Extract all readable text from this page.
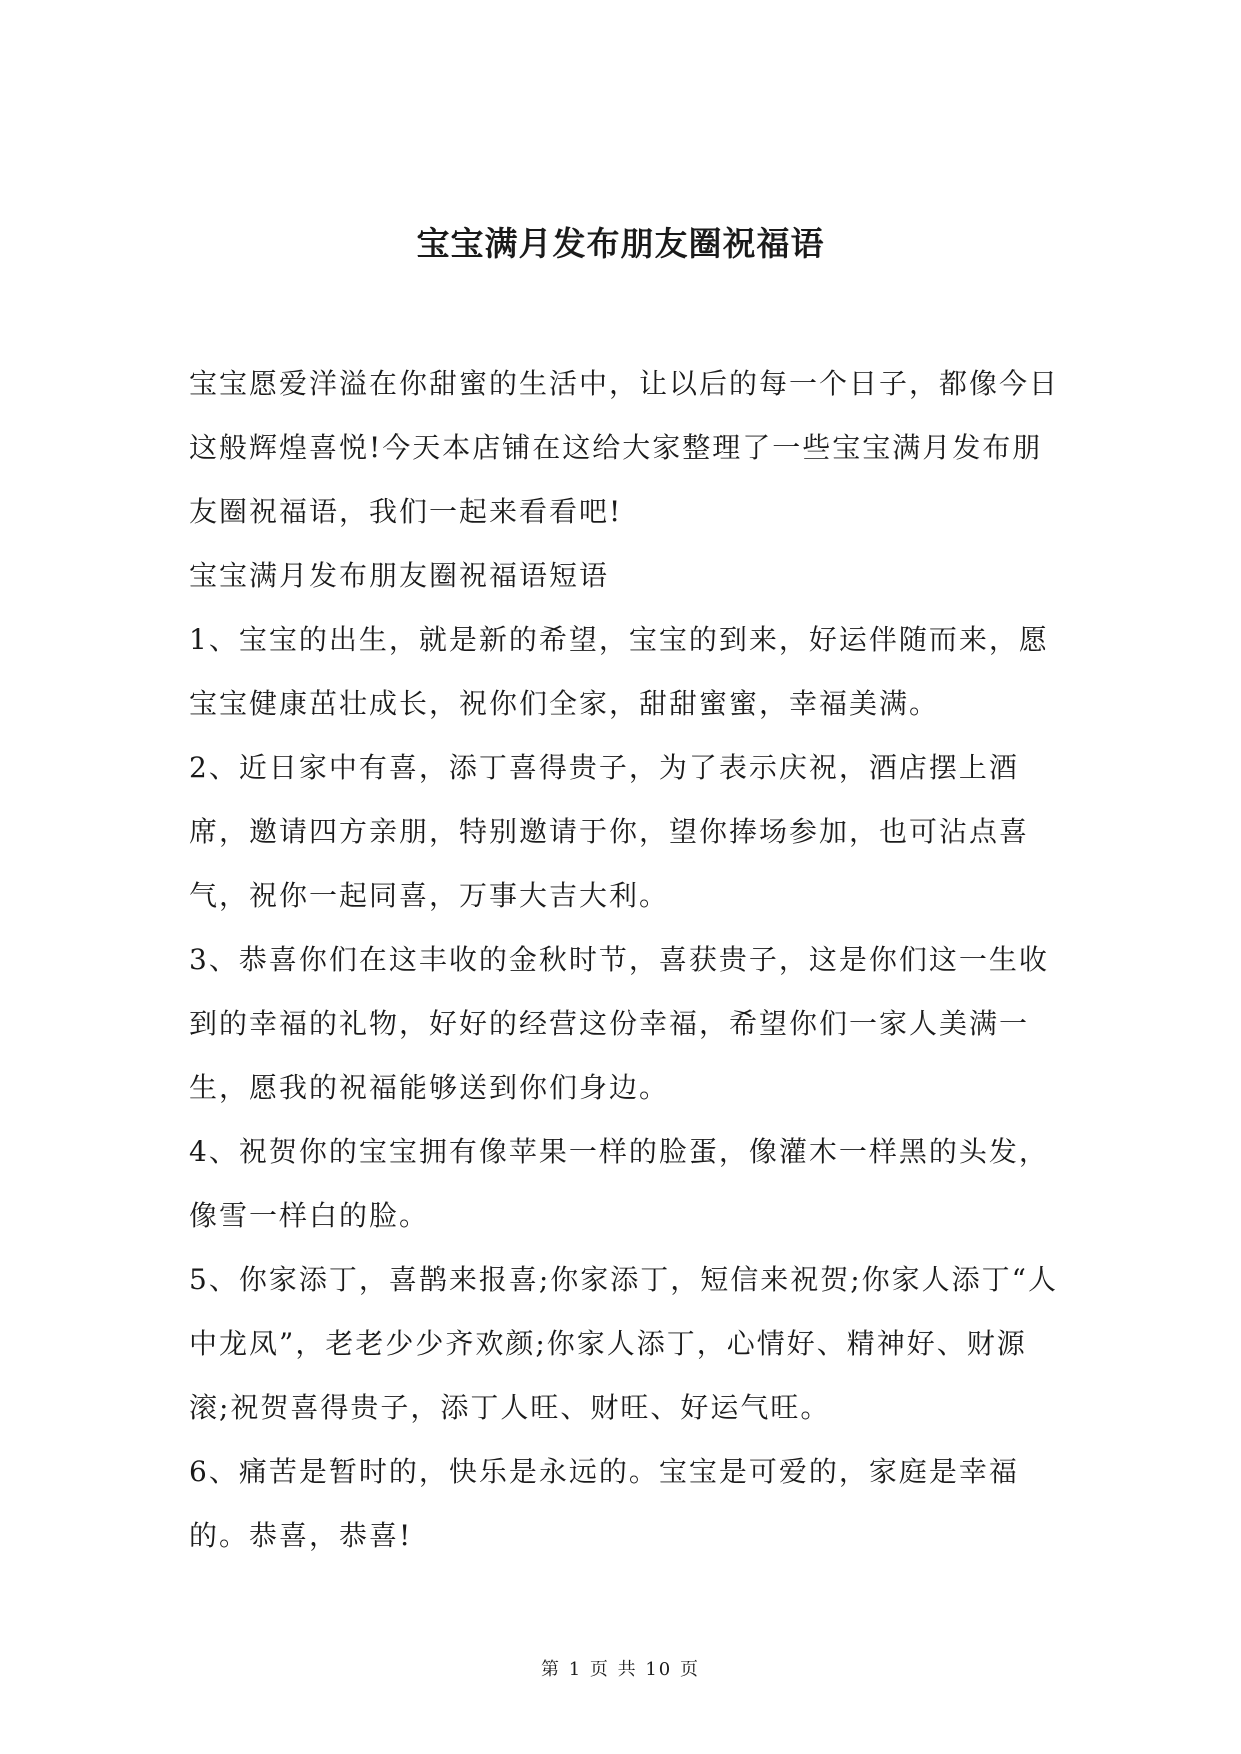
宝宝满月发布朋友圈祝福语

宝宝愿爱洋溢在你甜蜜的生活中，让以后的每一个日子，都像今日这般辉煌喜悦!今天本店铺在这给大家整理了一些宝宝满月发布朋友圈祝福语，我们一起来看看吧!

宝宝满月发布朋友圈祝福语短语

1、宝宝的出生，就是新的希望，宝宝的到来，好运伴随而来，愿宝宝健康茁壮成长，祝你们全家，甜甜蜜蜜，幸福美满。

2、近日家中有喜，添丁喜得贵子，为了表示庆祝，酒店摆上酒席，邀请四方亲朋，特别邀请于你，望你捧场参加，也可沾点喜气，祝你一起同喜，万事大吉大利。

3、恭喜你们在这丰收的金秋时节，喜获贵子，这是你们这一生收到的幸福的礼物，好好的经营这份幸福，希望你们一家人美满一生，愿我的祝福能够送到你们身边。

4、祝贺你的宝宝拥有像苹果一样的脸蛋，像灌木一样黑的头发，像雪一样白的脸。

5、你家添丁，喜鹊来报喜;你家添丁，短信来祝贺;你家人添丁“人中龙凤”，老老少少齐欢颜;你家人添丁，心情好、精神好、财源滚;祝贺喜得贵子，添丁人旺、财旺、好运气旺。

6、痛苦是暂时的，快乐是永远的。宝宝是可爱的，家庭是幸福的。恭喜，恭喜!

第 1 页 共 10 页
